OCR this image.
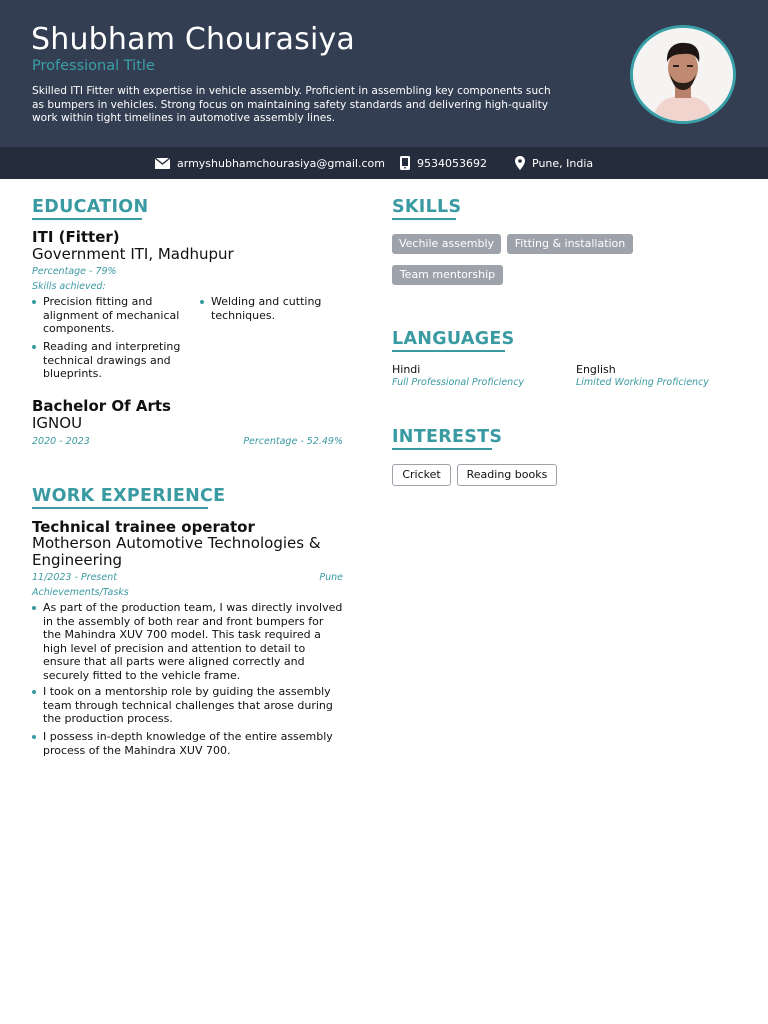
Shubham Chourasiya
Professional Title
Skilled ITI Fitter with expertise in vehicle assembly. Proficient in assembling key components such as bumpers in vehicles. Strong focus on maintaining safety standards and delivering high-quality work within tight timelines in automotive assembly lines.
armyshubhamchourasiya@gmail.com	9534053692	Pune, India
EDUCATION
ITI (Fitter)
Government ITI, Madhupur
Percentage - 79%
Skills achieved:
Precision fitting and alignment of mechanical components.
Reading and interpreting technical drawings and blueprints.
Welding and cutting techniques.
Bachelor Of Arts
IGNOU
2020 - 2023	Percentage - 52.49%
WORK EXPERIENCE
Technical trainee operator
Motherson Automotive Technologies & Engineering
11/2023 - Present	Pune
Achievements/Tasks
As part of the production team, I was directly involved in the assembly of both rear and front bumpers for the Mahindra XUV 700 model. This task required a high level of precision and attention to detail to ensure that all parts were aligned correctly and securely fitted to the vehicle frame.
I took on a mentorship role by guiding the assembly team through technical challenges that arose during the production process.
I possess in-depth knowledge of the entire assembly process of the Mahindra XUV 700.
SKILLS
Vechile assembly	Fitting & installation
Team mentorship
LANGUAGES
Hindi
Full Professional Proficiency
English
Limited Working Proficiency
INTERESTS
Cricket	Reading books
